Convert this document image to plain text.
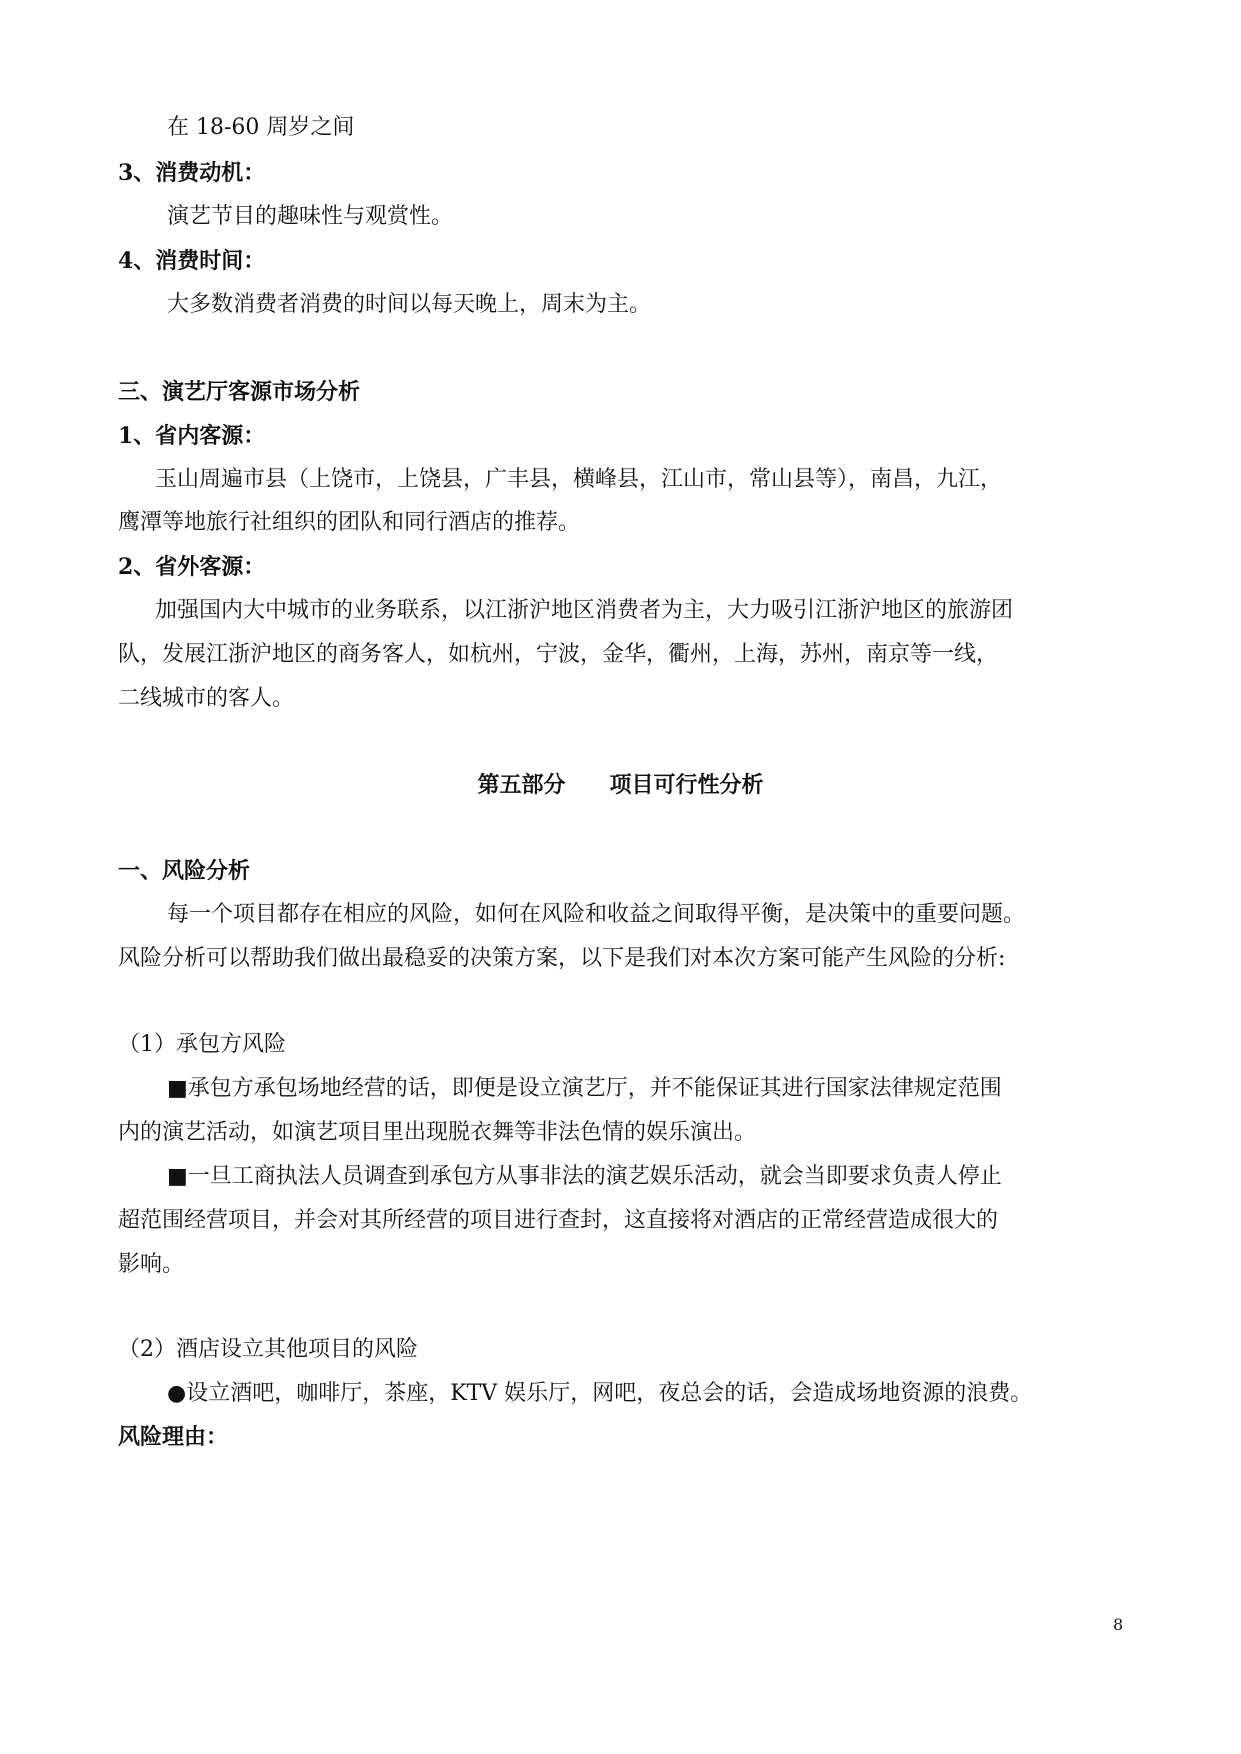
在 18-60 周岁之间
3、消费动机：
演艺节目的趣味性与观赏性。
4、消费时间：
大多数消费者消费的时间以每天晚上，周末为主。
三、演艺厅客源市场分析
1、省内客源：
玉山周遍市县（上饶市，上饶县，广丰县，横峰县，江山市，常山县等），南昌，九江，
鹰潭等地旅行社组织的团队和同行酒店的推荐。
2、省外客源：
加强国内大中城市的业务联系，以江浙沪地区消费者为主，大力吸引江浙沪地区的旅游团
队，发展江浙沪地区的商务客人，如杭州，宁波，金华，衢州，上海，苏州，南京等一线，
二线城市的客人。
第五部分　　项目可行性分析
一、风险分析
每一个项目都存在相应的风险，如何在风险和收益之间取得平衡，是决策中的重要问题。
风险分析可以帮助我们做出最稳妥的决策方案，以下是我们对本次方案可能产生风险的分析:
（1）承包方风险
■承包方承包场地经营的话，即便是设立演艺厅，并不能保证其进行国家法律规定范围
内的演艺活动，如演艺项目里出现脱衣舞等非法色情的娱乐演出。
■一旦工商执法人员调查到承包方从事非法的演艺娱乐活动，就会当即要求负责人停止
超范围经营项目，并会对其所经营的项目进行查封，这直接将对酒店的正常经营造成很大的
影响。
（2）酒店设立其他项目的风险
●设立酒吧，咖啡厅，茶座，KTV 娱乐厅，网吧，夜总会的话，会造成场地资源的浪费。
风险理由：
8
